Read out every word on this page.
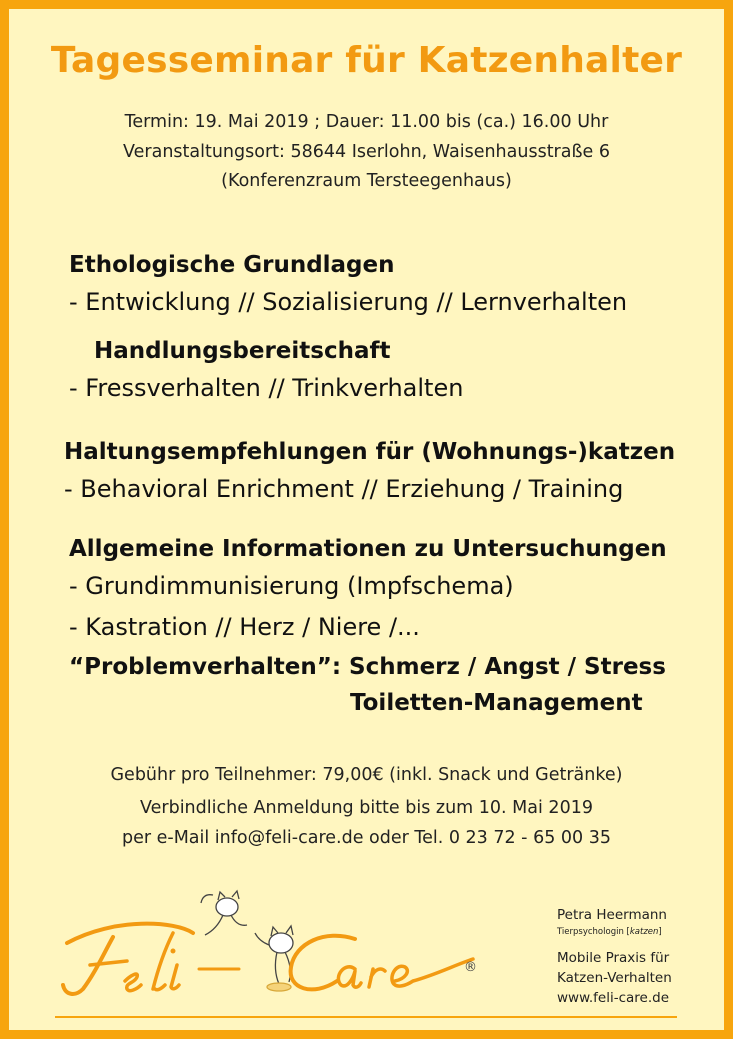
Tagesseminar für Katzenhalter
Termin: 19. Mai 2019 ; Dauer: 11.00 bis (ca.) 16.00 Uhr
Veranstaltungsort: 58644 Iserlohn, Waisenhausstraße 6
(Konferenzraum Tersteegenhaus)
Ethologische Grundlagen
- Entwicklung // Sozialisierung // Lernverhalten
Handlungsbereitschaft
- Fressverhalten // Trinkverhalten
Haltungsempfehlungen für (Wohnungs-)katzen
- Behavioral Enrichment // Erziehung / Training
Allgemeine Informationen zu Untersuchungen
- Grundimmunisierung (Impfschema)
- Kastration // Herz / Niere /...
“Problemverhalten”: Schmerz / Angst / Stress
Toiletten-Management
Gebühr pro Teilnehmer: 79,00€ (inkl. Snack und Getränke)
Verbindliche Anmeldung bitte bis zum 10. Mai 2019
per e-Mail info@feli-care.de oder Tel. 0 23 72 - 65 00 35
®
Petra Heermann
Tierpsychologin [katzen]
Mobile Praxis für
Katzen-Verhalten
www.feli-care.de
